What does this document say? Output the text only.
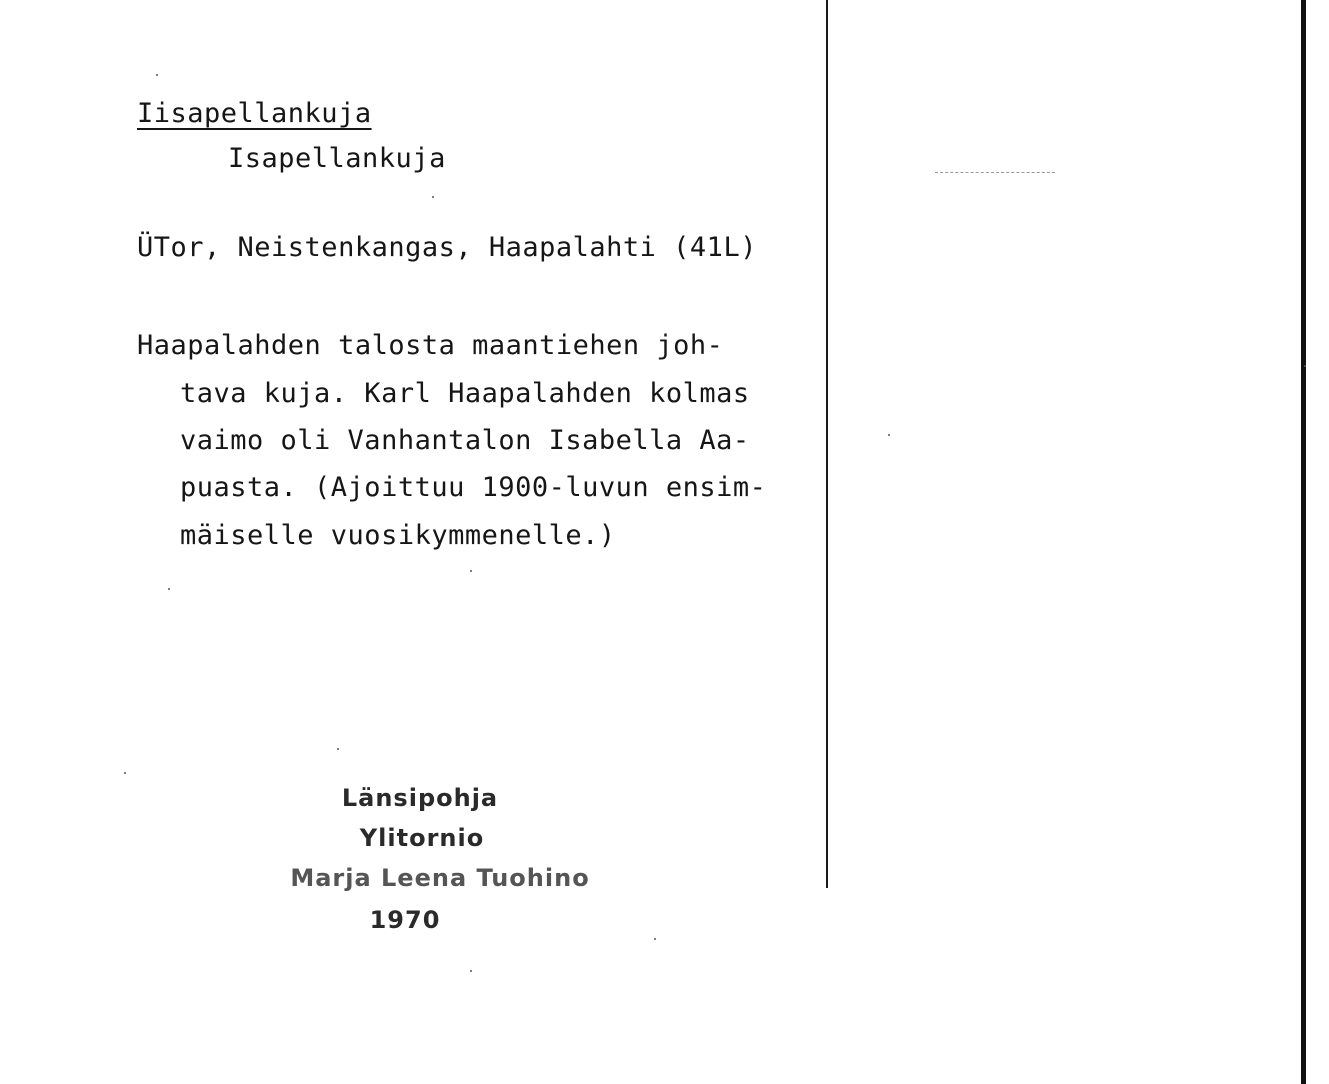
Iisapellankuja
Isapellankuja
ÜTor, Neistenkangas, Haapalahti (41L)
Haapalahden talosta maantiehen joh-
tava kuja. Karl Haapalahden kolmas
vaimo oli Vanhantalon Isabella Aa-
puasta. (Ajoittuu 1900-luvun ensim-
mäiselle vuosikymmenelle.)
Länsipohja
Ylitornio
Marja Leena Tuohino
1970
